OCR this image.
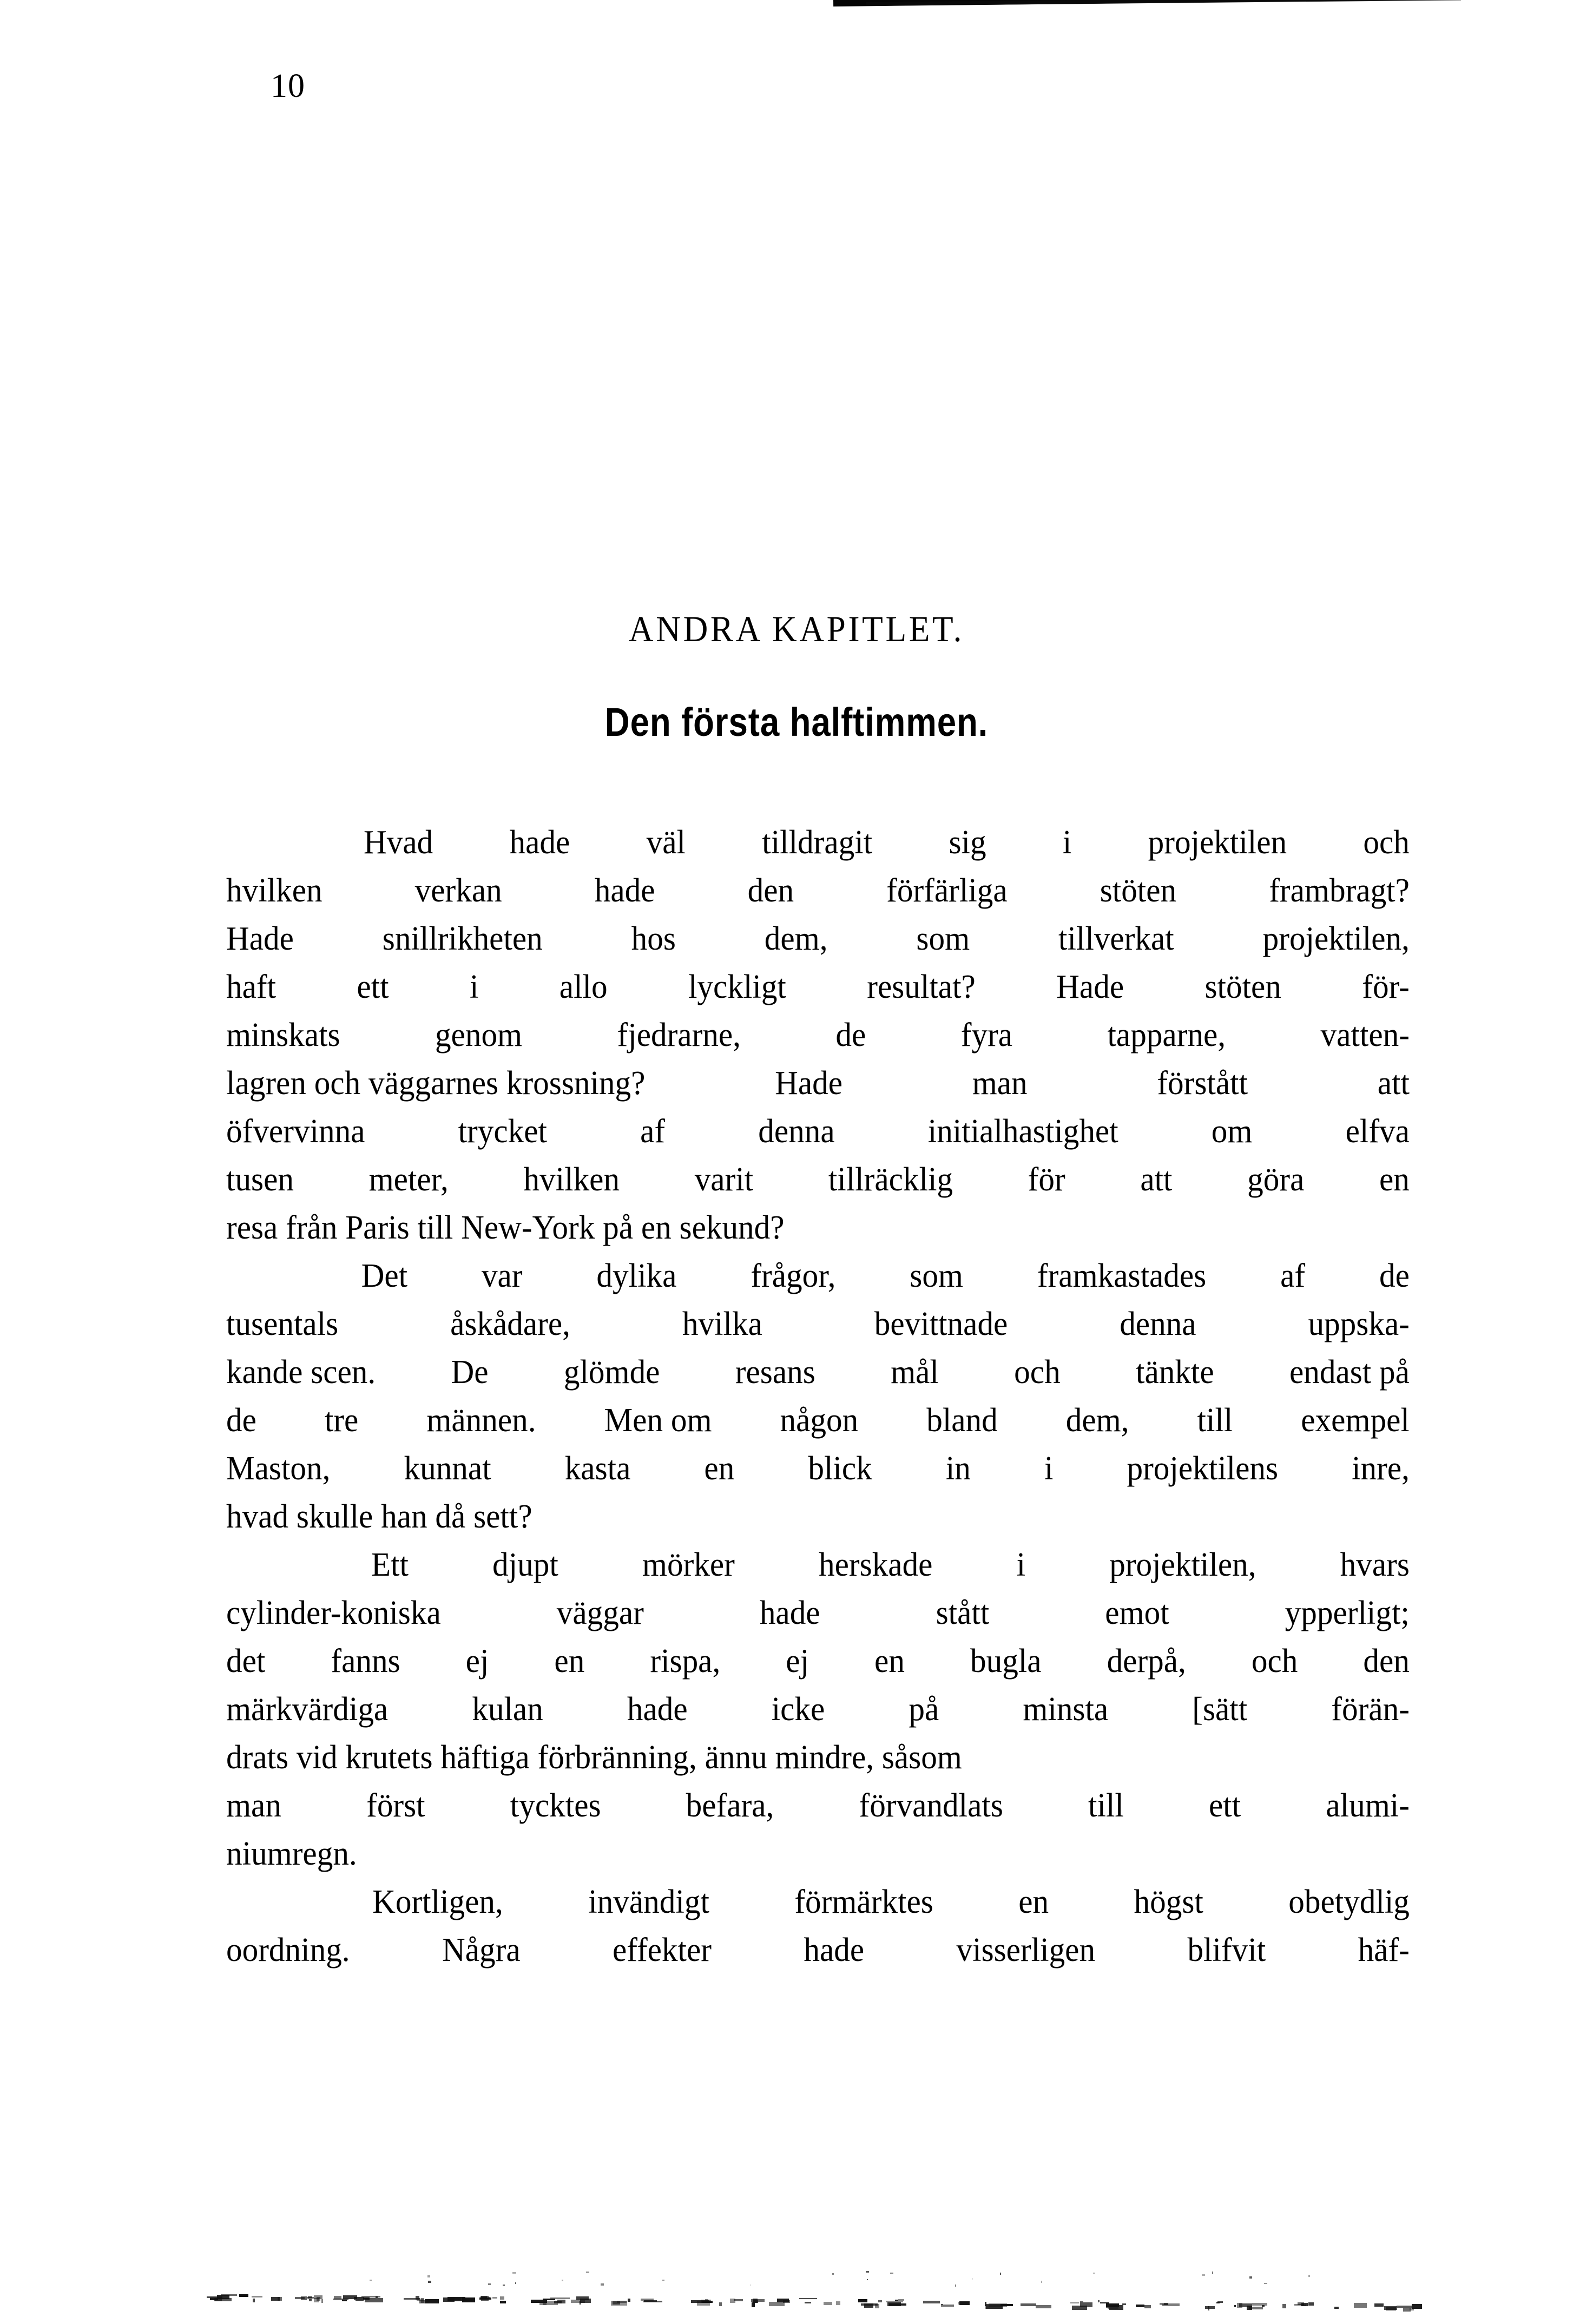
10
ANDRA KAPITLET.
Den första halftimmen.
Hvad hade väl tilldragit sig i projektilen och
hvilken	verkan	hade	den	förfärliga	stöten	frambragt?
Hade	snillrikheten	hos	dem,	som	tillverkat	projektilen,
haft ett i allo lyckligt resultat? Hade stöten för-
minskats	genom	fjedrarne,	de	fyra	tapparne,	vatten-
lagren och väggarnes krossning?	Hade	man	förstått	att
öfvervinna	trycket	af	denna	initialhastighet	om	elfva
tusen meter, hvilken varit tillräcklig för att göra en
resa från Paris till New-York på en sekund?
Det var dylika frågor, som framkastades af de
tusentals	åskådare,	hvilka	bevittnade	denna	uppska-
kande scen. De glömde resans mål och tänkte endast på
de tre männen. Men om någon bland dem, till exempel
Maston, kunnat kasta en blick in i projektilens inre,
hvad skulle han då sett?
Ett	djupt	mörker	herskade	i	projektilen,	hvars
cylinder-koniska	väggar	hade	stått	emot	ypperligt;
det fanns ej en rispa, ej en bugla derpå, och den
märkvärdiga	kulan	hade	icke	på	minsta	[sätt	förän-
drats vid krutets häftiga förbränning, ännu mindre, såsom
man	först	tycktes	befara,	förvandlats	till	ett	alumi-
niumregn.
Kortligen,	invändigt	förmärktes	en	högst	obetydlig
oordning.	Några	effekter	hade	visserligen	blifvit	häf-
